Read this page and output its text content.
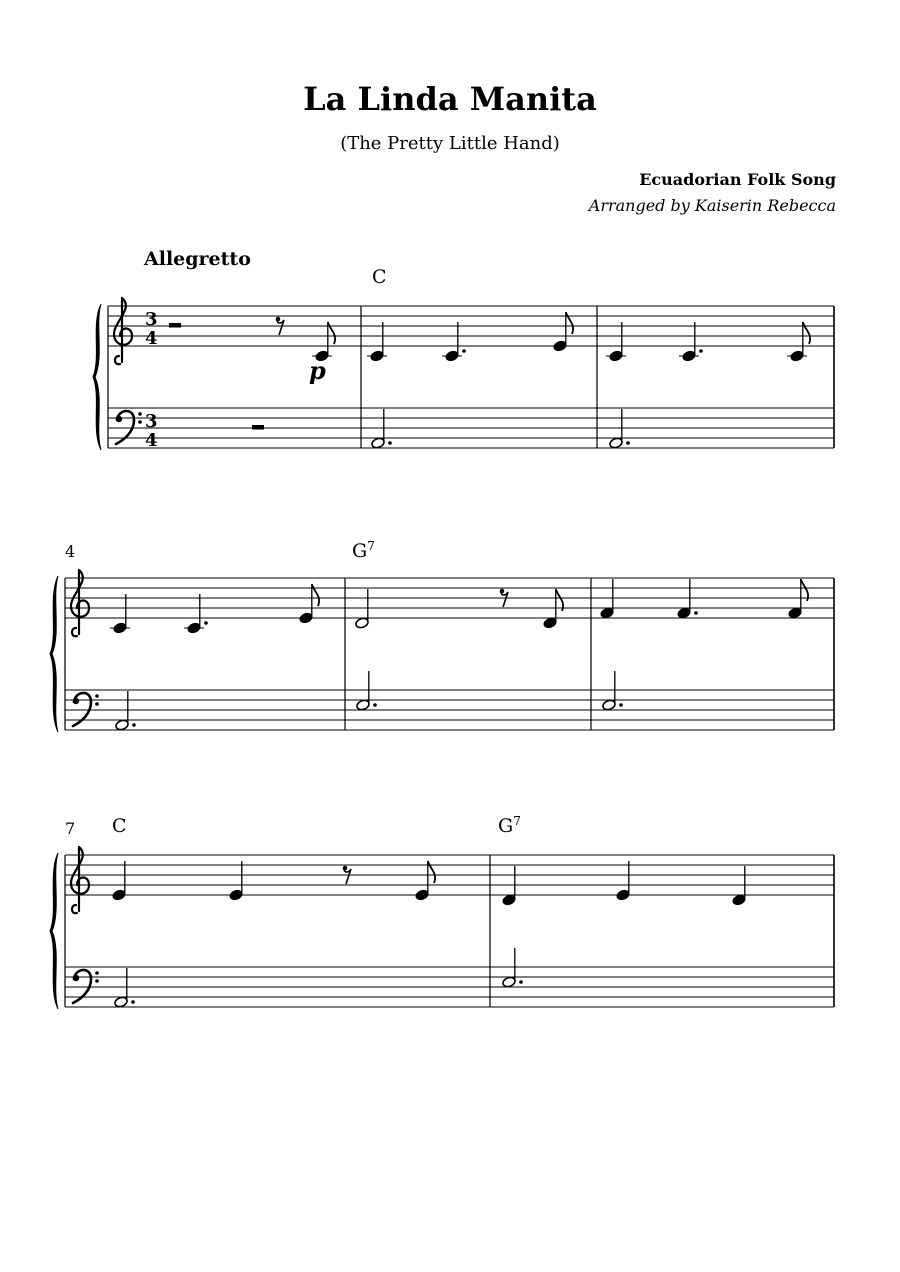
La Linda Manita
(The Pretty Little Hand)
Ecuadorian Folk Song
Arranged by Kaiserin Rebecca
Allegretto
3
4
3
4
4
7
p
C
$G^7$
C	$G^7$
